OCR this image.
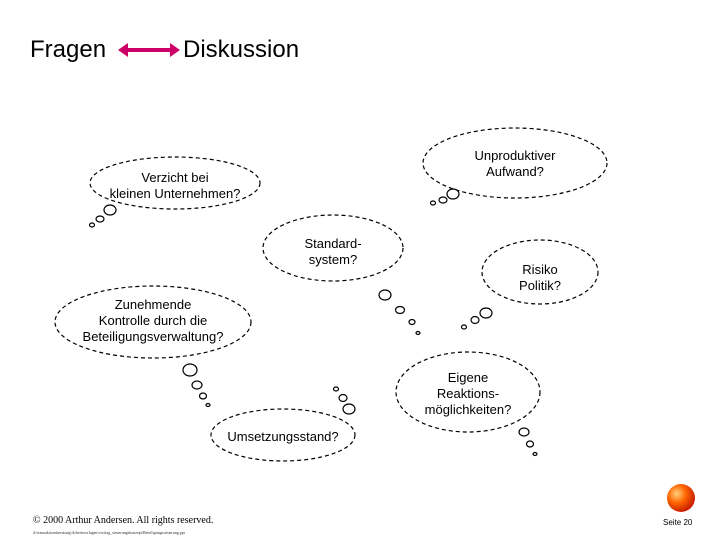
Fragen	Diskussion
Verzicht bei
kleinen Unternehmen?
Unproduktiver
Aufwand?
Standard-
system?
Risiko
Politik?
Zunehmende
Kontrolle durch die
Beteiligungsverwaltung?
Eigene
Reaktions-
möglichkeiten?
Umsetzungsstand?
© 2000 Arthur Andersen. All rights reserved.
d:\transaktionsberatung\Arbeitsvorlagen\vortrag_steuerungskonzept\Beteiligungssteuerung.ppt
Seite 20
